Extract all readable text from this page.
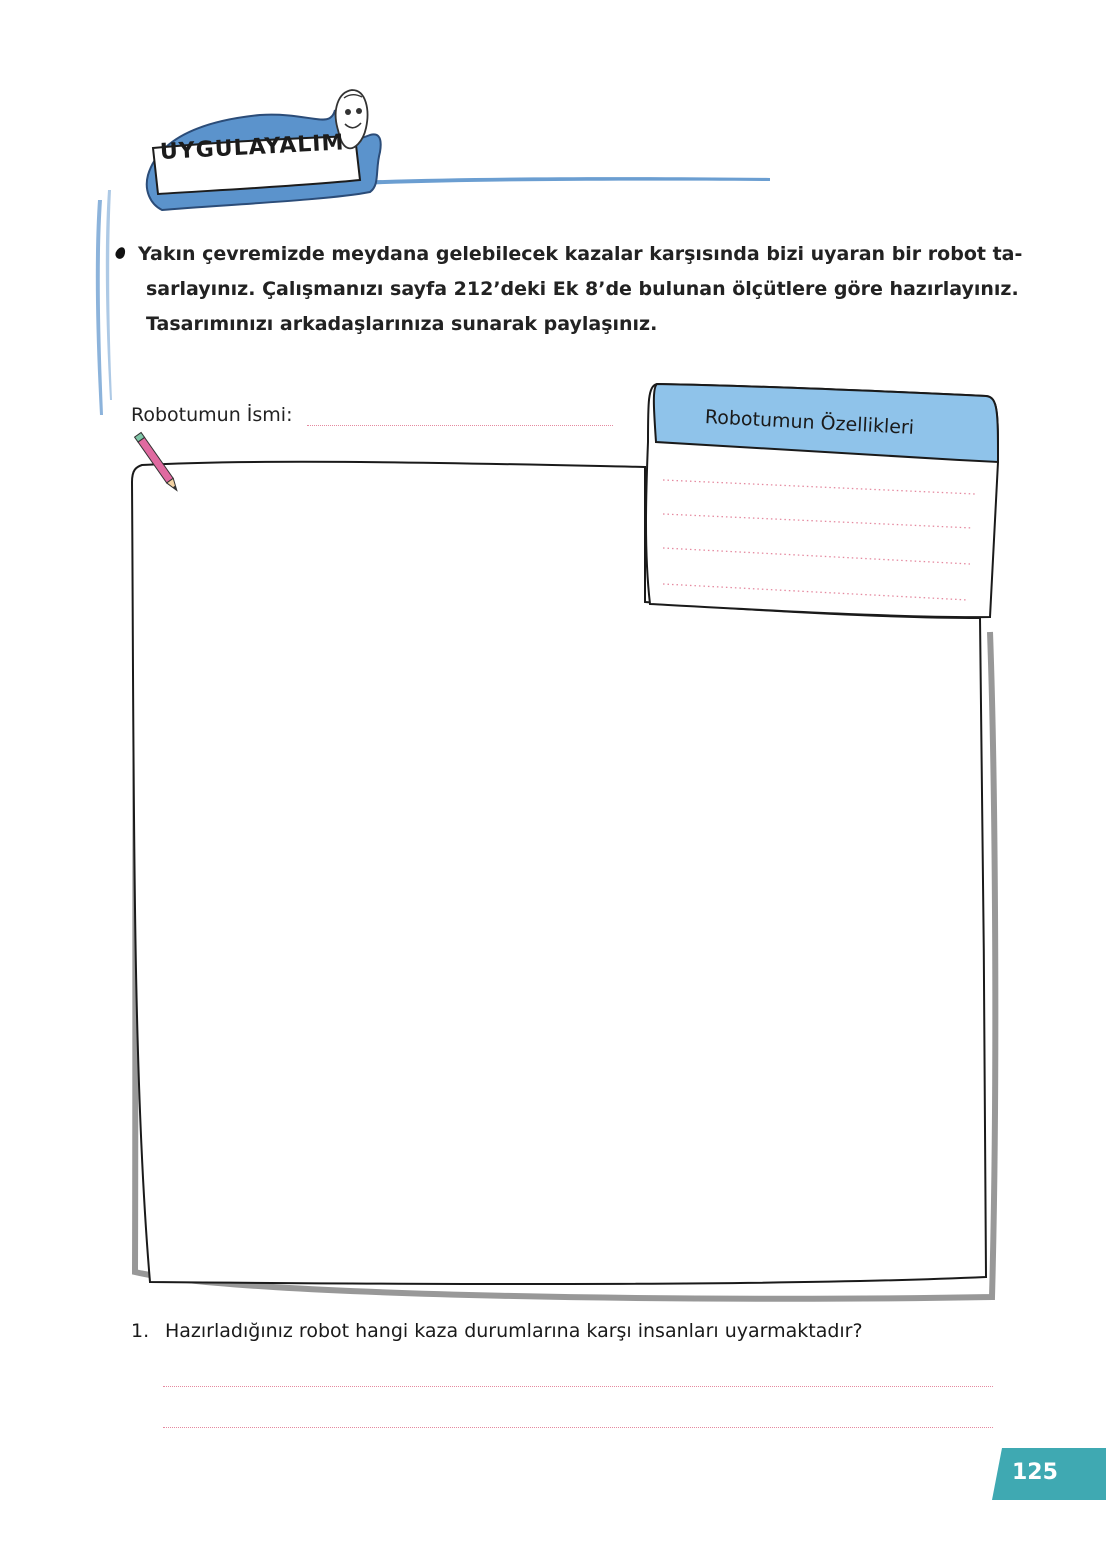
UYGULAYALIM
Yakın çevremizde meydana gelebilecek kazalar karşısında bizi uyaran bir robot ta-
sarlayınız. Çalışmanızı sayfa 212’deki Ek 8’de bulunan ölçütlere göre hazırlayınız.
Tasarımınızı arkadaşlarınıza sunarak paylaşınız.
Robotumun İsmi:	Robotumun Özellikleri
1. Hazırladığınız robot hangi kaza durumlarına karşı insanları uyarmaktadır?
125
